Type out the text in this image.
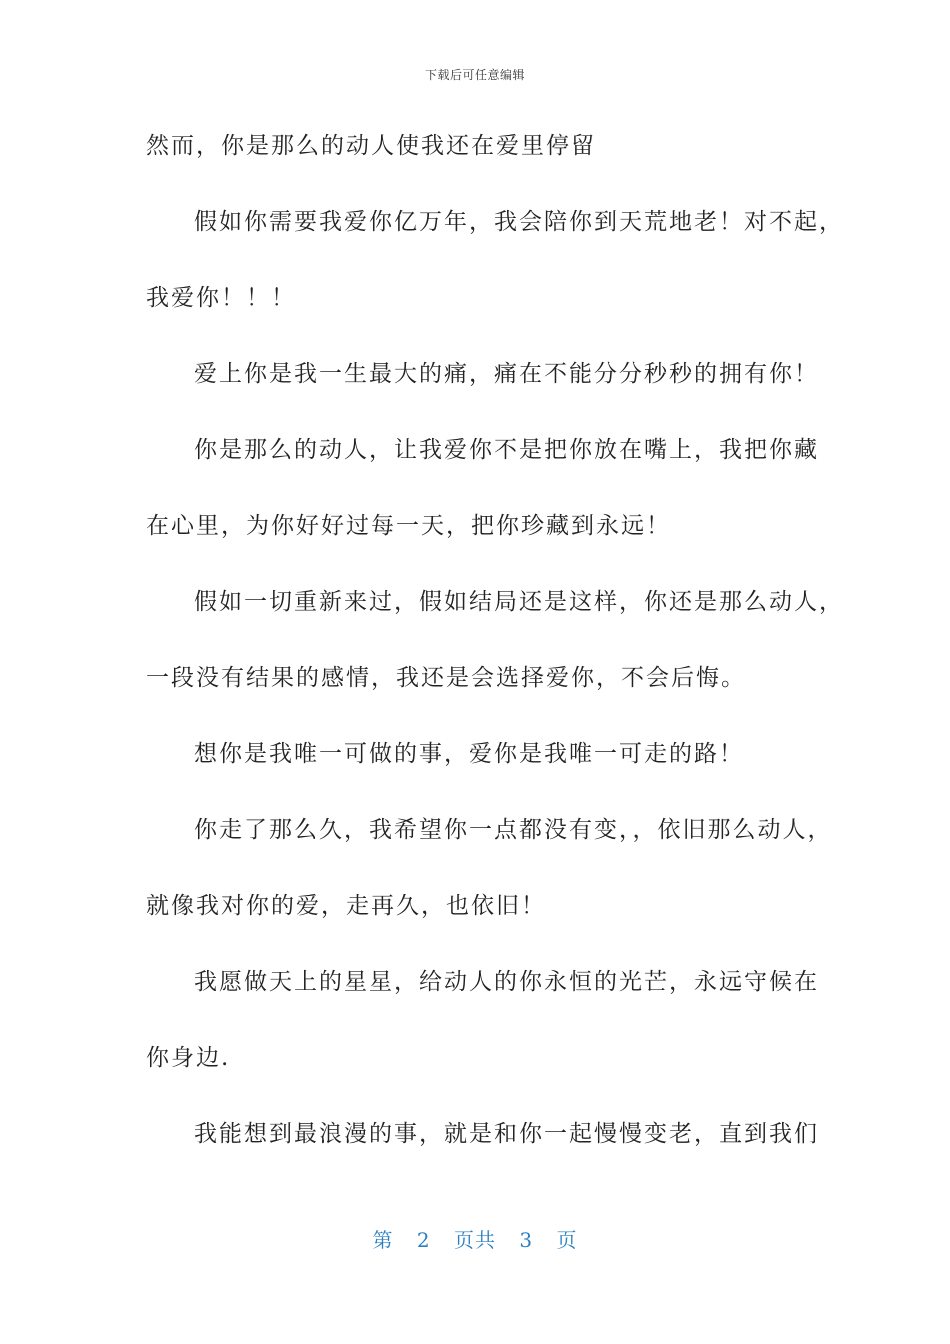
下载后可任意编辑
然而，你是那么的动人使我还在爱里停留
假如你需要我爱你亿万年，我会陪你到天荒地老！对不起，
我爱你！！！
爱上你是我一生最大的痛，痛在不能分分秒秒的拥有你！
你是那么的动人，让我爱你不是把你放在嘴上，我把你藏
在心里，为你好好过每一天，把你珍藏到永远！
假如一切重新来过，假如结局还是这样，你还是那么动人，
一段没有结果的感情，我还是会选择爱你，不会后悔。
想你是我唯一可做的事，爱你是我唯一可走的路！
你走了那么久，我希望你一点都没有变，，依旧那么动人，
就像我对你的爱，走再久，也依旧！
我愿做天上的星星，给动人的你永恒的光芒，永远守候在
你身边.
我能想到最浪漫的事，就是和你一起慢慢变老，直到我们
第 2 页共 3 页
